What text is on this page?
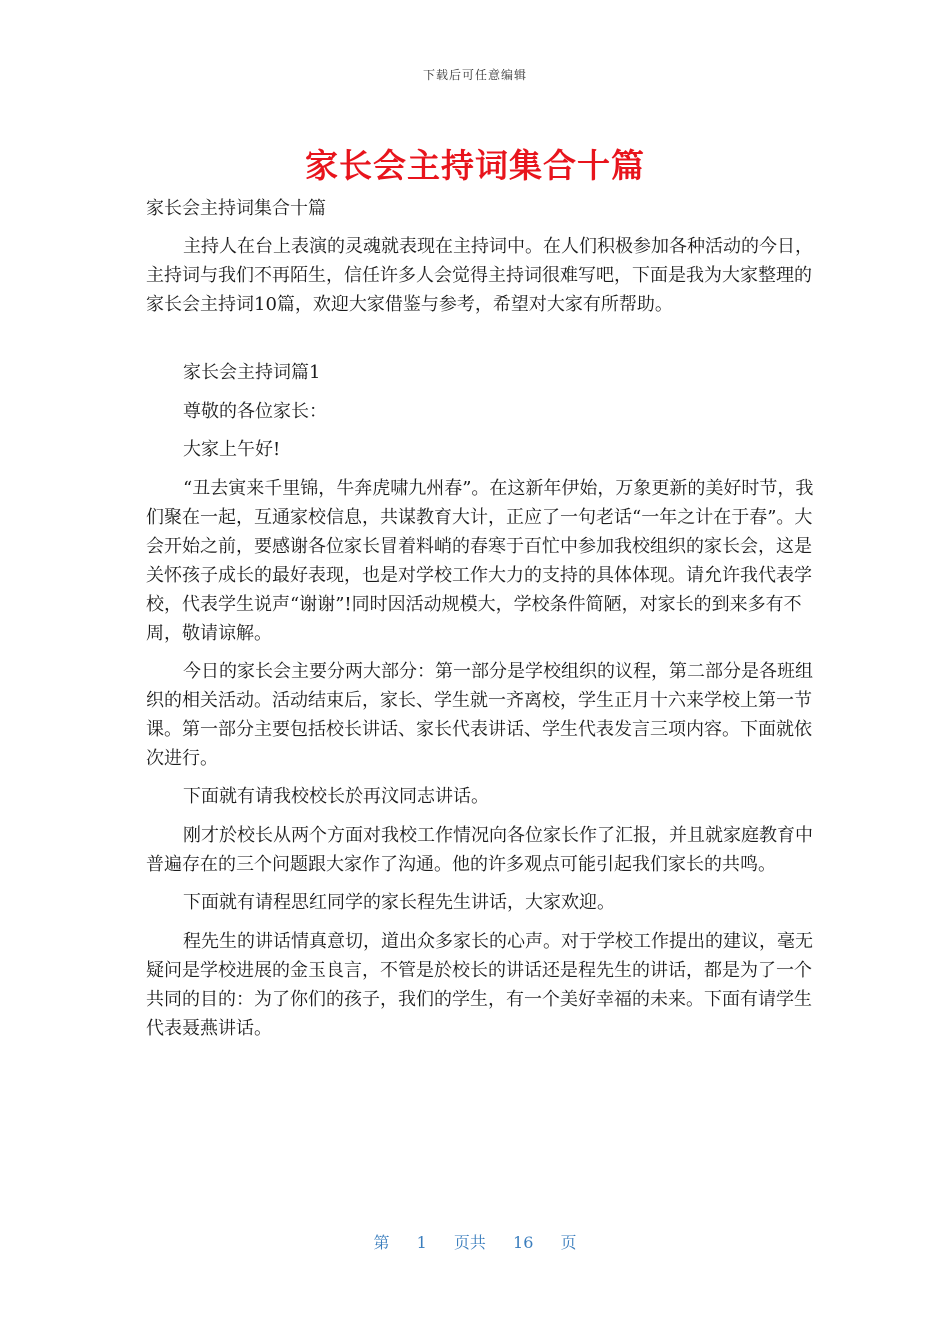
下载后可任意编辑
家长会主持词集合十篇

家长会主持词集合十篇

主持人在台上表演的灵魂就表现在主持词中。在人们积极参加各种活动的今日，主持词与我们不再陌生，信任许多人会觉得主持词很难写吧，下面是我为大家整理的家长会主持词10篇，欢迎大家借鉴与参考，希望对大家有所帮助。

家长会主持词篇1

尊敬的各位家长：

大家上午好!

“丑去寅来千里锦，牛奔虎啸九州春”。在这新年伊始，万象更新的美好时节，我们聚在一起，互通家校信息，共谋教育大计，正应了一句老话“一年之计在于春”。大会开始之前，要感谢各位家长冒着料峭的春寒于百忙中参加我校组织的家长会，这是关怀孩子成长的最好表现，也是对学校工作大力的支持的具体体现。请允许我代表学校，代表学生说声“谢谢”!同时因活动规模大，学校条件简陋，对家长的到来多有不周，敬请谅解。

今日的家长会主要分两大部分：第一部分是学校组织的议程，第二部分是各班组织的相关活动。活动结束后，家长、学生就一齐离校，学生正月十六来学校上第一节课。第一部分主要包括校长讲话、家长代表讲话、学生代表发言三项内容。下面就依次进行。

下面就有请我校校长於再汶同志讲话。

刚才於校长从两个方面对我校工作情况向各位家长作了汇报，并且就家庭教育中普遍存在的三个问题跟大家作了沟通。他的许多观点可能引起我们家长的共鸣。

下面就有请程思红同学的家长程先生讲话，大家欢迎。

程先生的讲话情真意切，道出众多家长的心声。对于学校工作提出的建议，毫无疑问是学校进展的金玉良言，不管是於校长的讲话还是程先生的讲话，都是为了一个共同的目的：为了你们的孩子，我们的学生，有一个美好幸福的未来。下面有请学生代表聂燕讲话。

第 1 页共 16 页
